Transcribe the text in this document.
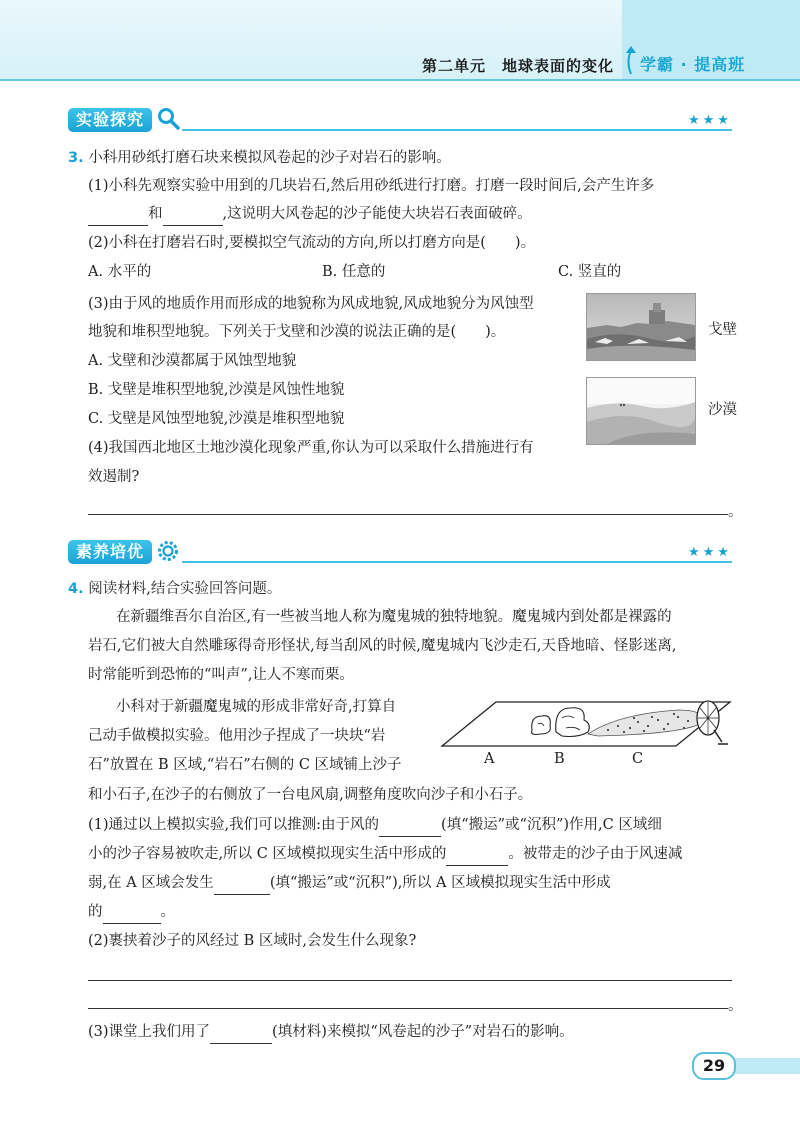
第二单元　地球表面的变化 学霸 · 提高班
实验探究	★★★
3. 小科用砂纸打磨石块来模拟风卷起的沙子对岩石的影响。
(1)小科先观察实验中用到的几块岩石,然后用砂纸进行打磨。打磨一段时间后,会产生许多
和	,这说明大风卷起的沙子能使大块岩石表面破碎。
(2)小科在打磨岩石时,要模拟空气流动的方向,所以打磨方向是(　　)。
A. 水平的	B. 任意的	C. 竖直的
(3)由于风的地质作用而形成的地貌称为风成地貌,风成地貌分为风蚀型
地貌和堆积型地貌。下列关于戈壁和沙漠的说法正确的是(　　)。
A. 戈壁和沙漠都属于风蚀型地貌
B. 戈壁是堆积型地貌,沙漠是风蚀性地貌
C. 戈壁是风蚀型地貌,沙漠是堆积型地貌
(4)我国西北地区土地沙漠化现象严重,你认为可以采取什么措施进行有
效遏制?
。
戈壁
沙漠
素养培优	★★★
4. 阅读材料,结合实验回答问题。
在新疆维吾尔自治区,有一些被当地人称为魔鬼城的独特地貌。魔鬼城内到处都是裸露的
岩石,它们被大自然雕琢得奇形怪状,每当刮风的时候,魔鬼城内飞沙走石,天昏地暗、怪影迷离,
时常能听到恐怖的“叫声”,让人不寒而栗。
小科对于新疆魔鬼城的形成非常好奇,打算自
己动手做模拟实验。他用沙子捏成了一块块“岩
石”放置在 B 区域,“岩石”右侧的 C 区域铺上沙子
和小石子,在沙子的右侧放了一台电风扇,调整角度吹向沙子和小石子。
A	B	C
(1)通过以上模拟实验,我们可以推测:由于风的	(填“搬运”或“沉积”)作用,C 区域细
小的沙子容易被吹走,所以 C 区域模拟现实生活中形成的	。被带走的沙子由于风速减
弱,在 A 区域会发生	(填“搬运”或“沉积”),所以 A 区域模拟现实生活中形成
的	。
(2)裹挟着沙子的风经过 B 区域时,会发生什么现象?
。
(3)课堂上我们用了	(填材料)来模拟“风卷起的沙子”对岩石的影响。
29
